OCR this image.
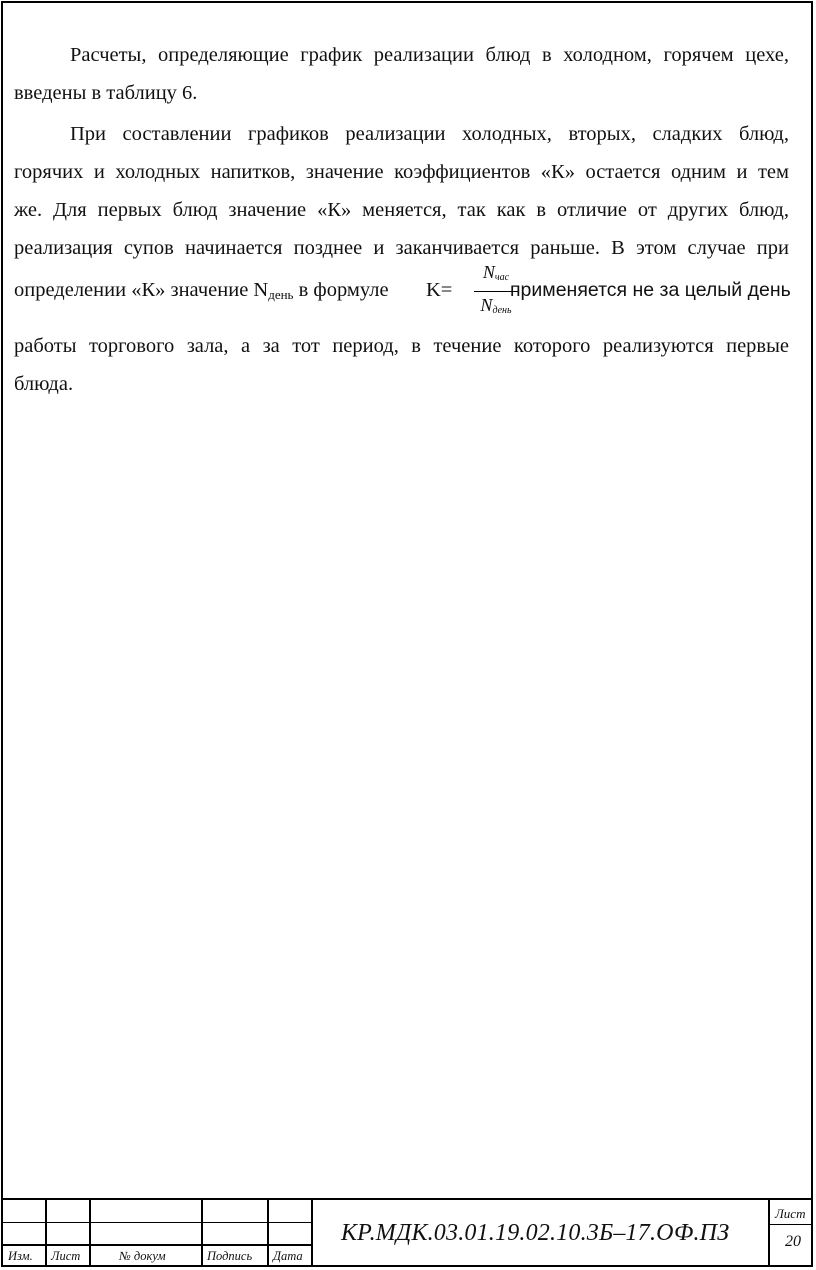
Расчеты, определяющие график реализации блюд в холодном, горячем цехе, введены в таблицу 6.

При составлении графиков реализации холодных, вторых, сладких блюд,
горячих и холодных напитков, значение коэффициентов «К» остается одним и тем
же. Для первых блюд значение «К» меняется, так как в отличие от других блюд,
реализация супов начинается позднее и заканчивается раньше. В этом случае при
определении «К» значение $N_{день}$ в формуле K=
Nчас
Nдень
применяется не за целый день
работы торгового зала, а за тот период, в течение которого реализуются первые
блюда.
Изм. Лист	№ докум	Подпись Дата
КР.МДК.03.01.19.02.10.3Б–17.ОФ.ПЗ
Лист
20
